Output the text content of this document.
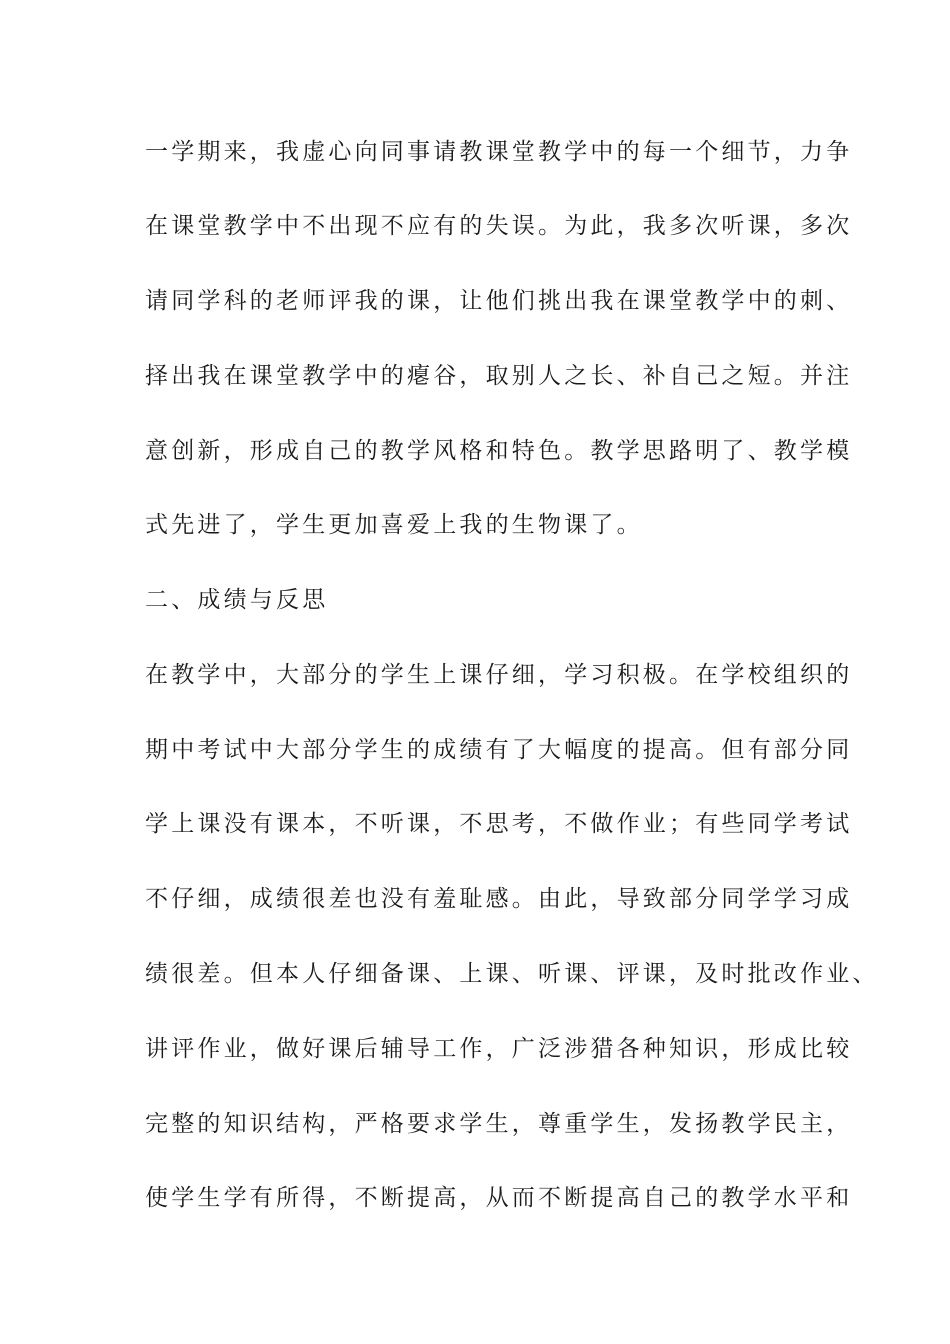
一学期来，我虚心向同事请教课堂教学中的每一个细节，力争
在课堂教学中不出现不应有的失误。为此，我多次听课，多次
请同学科的老师评我的课，让他们挑出我在课堂教学中的刺、
择出我在课堂教学中的瘪谷，取别人之长、补自己之短。并注
意创新，形成自己的教学风格和特色。教学思路明了、教学模
式先进了，学生更加喜爱上我的生物课了。
二、成绩与反思
在教学中，大部分的学生上课仔细，学习积极。在学校组织的
期中考试中大部分学生的成绩有了大幅度的提高。但有部分同
学上课没有课本，不听课，不思考，不做作业；有些同学考试
不仔细，成绩很差也没有羞耻感。由此，导致部分同学学习成
绩很差。但本人仔细备课、上课、听课、评课，及时批改作业、
讲评作业，做好课后辅导工作，广泛涉猎各种知识，形成比较
完整的知识结构，严格要求学生，尊重学生，发扬教学民主，
使学生学有所得，不断提高，从而不断提高自己的教学水平和
